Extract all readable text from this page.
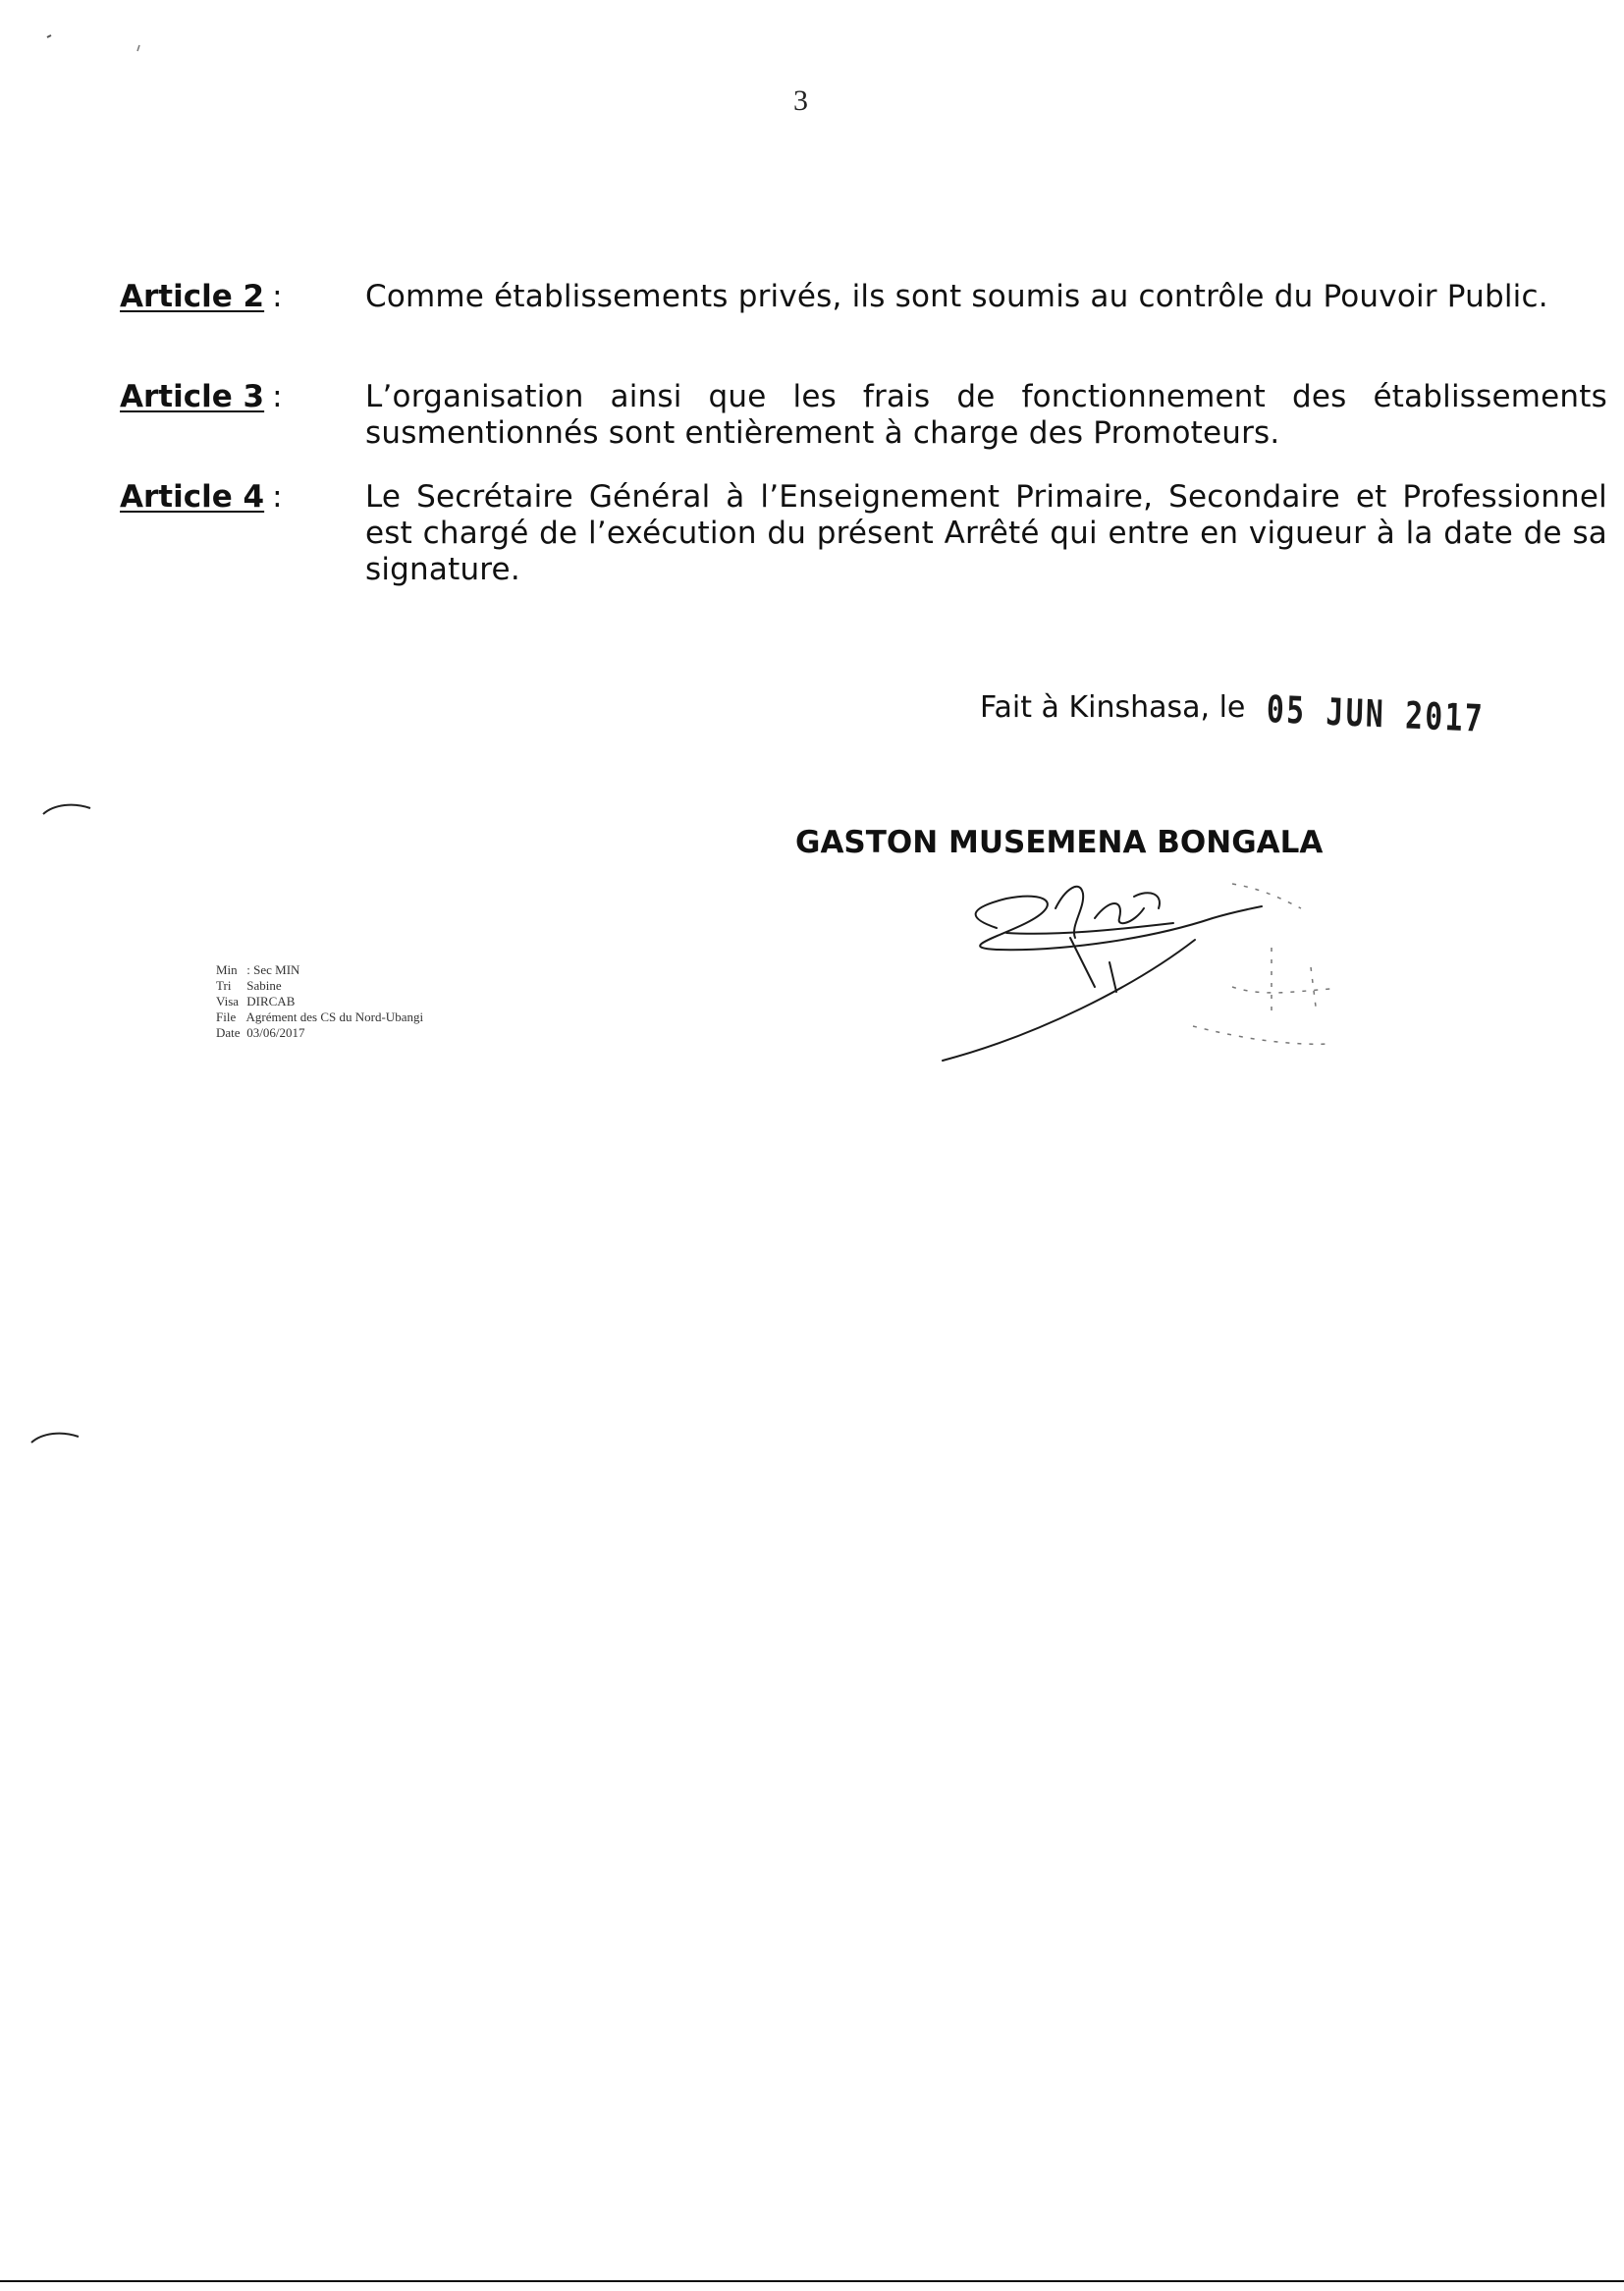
3
Article 2 :	Comme établissements privés, ils sont soumis au contrôle du Pouvoir Public.
Article 3 :	L’organisation ainsi que les frais de fonctionnement des établissements susmentionnés sont entièrement à charge des Promoteurs.
Article 4 :	Le Secrétaire Général à l’Enseignement Primaire, Secondaire et Professionnel est chargé de l’exécution du présent Arrêté qui entre en vigueur à la date de sa signature.
Fait à Kinshasa, le 05 JUN 2017
GASTON MUSEMENA BONGALA
Min : Sec MIN
Tri Sabine
Visa DIRCAB
File Agrément des CS du Nord-Ubangi
Date 03/06/2017
